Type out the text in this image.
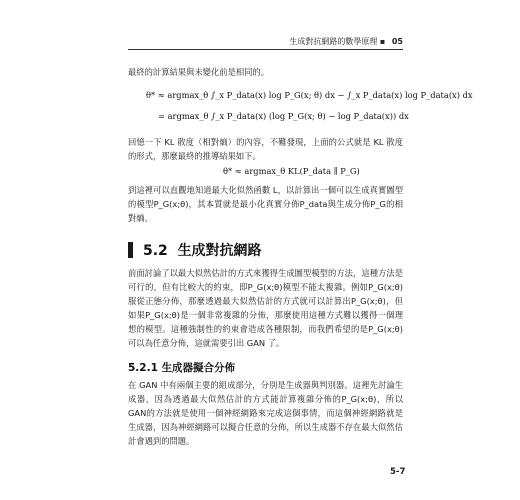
生成對抗網路的數學原理 ▪ 05
最終的計算結果與未變化前是相同的。
θ* ≈ argmax_θ ∫_x P_data(x) log P_G(x; θ) dx − ∫_x P_data(x) log P_data(x) dx
= argmax_θ ∫_x P_data(x) (log P_G(x; θ) − log P_data(x)) dx
回憶一下 KL 散度（相對熵）的內容，不難發現，上面的公式就是 KL 散度的形式，那麼最終的推導結果如下。
θ* ≈ argmax_θ KL(P_data ∥ P_G)
到這裡可以直觀地知道最大化似然函數 L，以計算出一個可以生成真實圖型的模型P_G(x;θ)，其本質就是最小化真實分佈P_data與生成分佈P_G的相對熵。
5.2 生成對抗網路
前面討論了以最大似然估計的方式來獲得生成圖型模型的方法，這種方法是可行的，但有比較大的約束，即P_G(x;θ)模型不能太複雜。例如P_G(x;θ)服從正態分佈，那麼透過最大似然估計的方式就可以計算出P_G(x;θ)，但如果P_G(x;θ)是一個非常複雜的分佈，那麼使用這種方式難以獲得一個理想的模型。這種強制性的約束會造成各種限制，而我們希望的是P_G(x;θ)可以為任意分佈，這就需要引出 GAN 了。
5.2.1 生成器擬合分佈
在 GAN 中有兩個主要的組成部分，分別是生成器與判別器。這裡先討論生成器，因為透過最大似然估計的方式能計算複雜分佈的P_G(x;θ)，所以GAN的方法就是使用一個神經網路來完成這個事情，而這個神經網路就是生成器，因為神經網路可以擬合任意的分佈，所以生成器不存在最大似然估計會遇到的問題。
5-7
